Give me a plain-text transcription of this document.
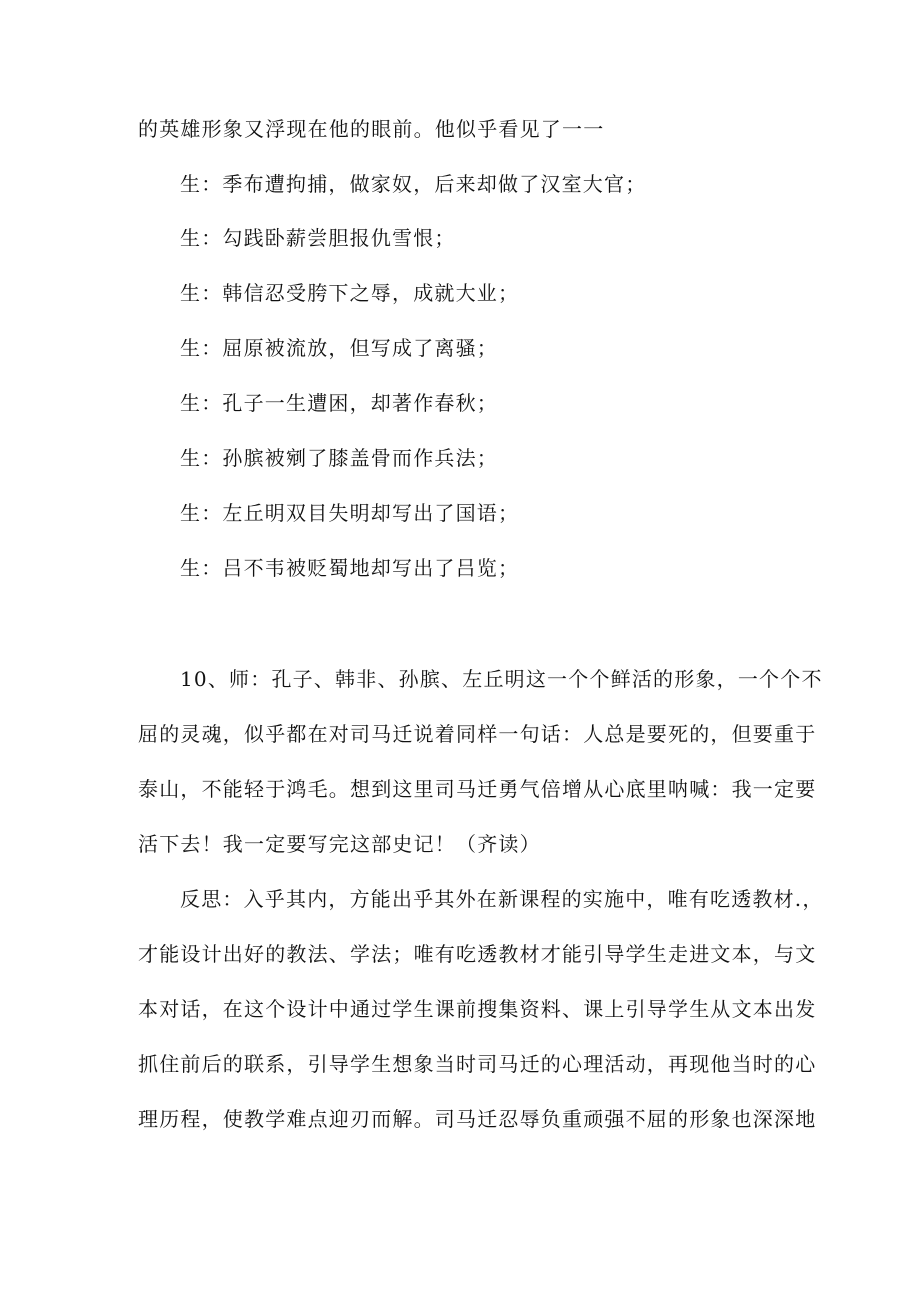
的英雄形象又浮现在他的眼前。他似乎看见了一一
生：季布遭拘捕，做家奴，后来却做了汉室大官；
生：勾践卧薪尝胆报仇雪恨；
生：韩信忍受胯下之辱，成就大业；
生：屈原被流放，但写成了离骚；
生：孔子一生遭困，却著作春秋；
生：孙膑被剜了膝盖骨而作兵法；
生：左丘明双目失明却写出了国语；
生：吕不韦被贬蜀地却写出了吕览；
10、师：孔子、韩非、孙膑、左丘明这一个个鲜活的形象，一个个不
屈的灵魂，似乎都在对司马迁说着同样一句话：人总是要死的，但要重于
泰山，不能轻于鸿毛。想到这里司马迁勇气倍增从心底里呐喊：我一定要
活下去！我一定要写完这部史记！（齐读）
反思：入乎其内，方能出乎其外在新课程的实施中，唯有吃透教材.，
才能设计出好的教法、学法；唯有吃透教材才能引导学生走进文本，与文
本对话，在这个设计中通过学生课前搜集资料、课上引导学生从文本出发
抓住前后的联系，引导学生想象当时司马迁的心理活动，再现他当时的心
理历程，使教学难点迎刃而解。司马迁忍辱负重顽强不屈的形象也深深地
